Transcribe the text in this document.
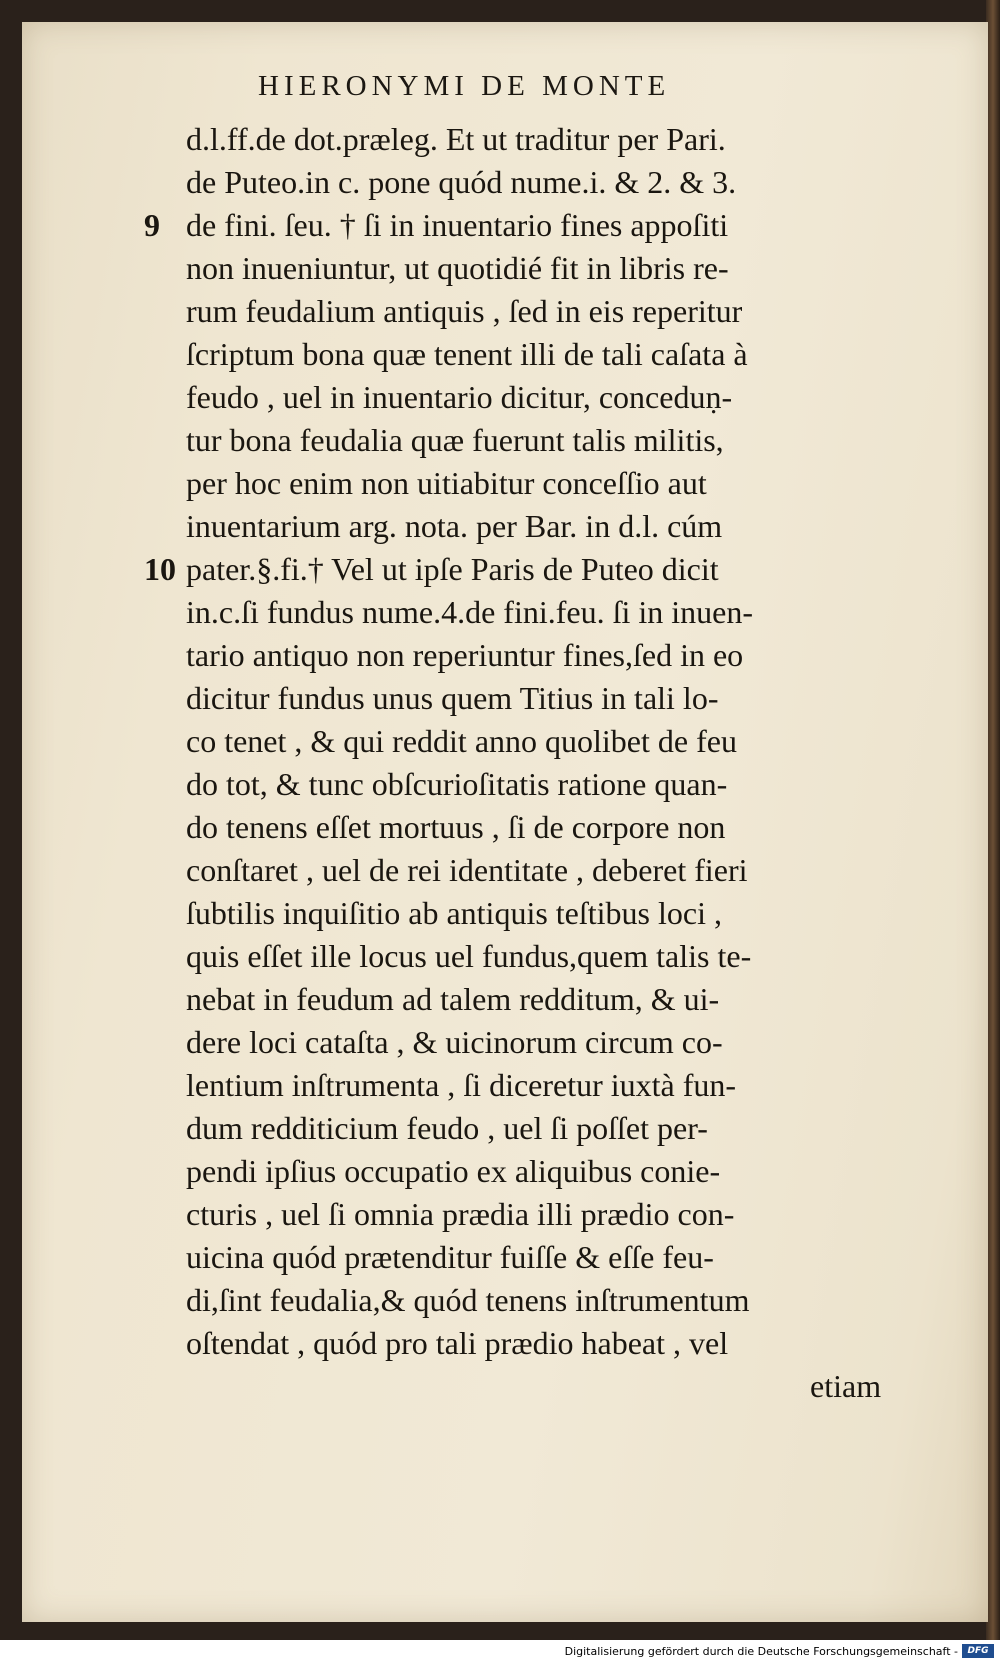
HIERONYMI DE MONTE
d.l.ff.de dot.præleg. Et ut traditur per Pari.
de Puteo.in c. pone quód nume.i. & 2. & 3.
9 de fini. ſeu. † ſi in inuentario fines appoſiti
non inueniuntur, ut quotidié fit in libris re-
rum feudalium antiquis , ſed in eis reperitur
ſcriptum bona quæ tenent illi de tali caſata à
feudo , uel in inuentario dicitur, conceduṇ-
tur bona feudalia quæ fuerunt talis militis,
per hoc enim non uitiabitur conceſſio aut
inuentarium arg. nota. per Bar. in d.l. cúm
10 pater.§.fi.† Vel ut ipſe Paris de Puteo dicit
in.c.ſi fundus nume.4.de fini.feu. ſi in inuen-
tario antiquo non reperiuntur fines,ſed in eo
dicitur fundus unus quem Titius in tali lo-
co tenet , & qui reddit anno quolibet de feu
do tot, & tunc obſcurioſitatis ratione quan-
do tenens eſſet mortuus , ſi de corpore non
conſtaret , uel de rei identitate , deberet fieri
ſubtilis inquiſitio ab antiquis teſtibus loci ,
quis eſſet ille locus uel fundus,quem talis te-
nebat in feudum ad talem redditum, & ui-
dere loci cataſta , & uicinorum circum co-
lentium inſtrumenta , ſi diceretur iuxtà fun-
dum redditicium feudo , uel ſi poſſet per-
pendi ipſius occupatio ex aliquibus conie-
cturis , uel ſi omnia prædia illi prædio con-
uicina quód prætenditur fuiſſe & eſſe feu-
di,ſint feudalia,& quód tenens inſtrumentum
oſtendat , quód pro tali prædio habeat , vel
etiam
Digitalisierung gefördert durch die Deutsche Forschungsgemeinschaft -	DFG
